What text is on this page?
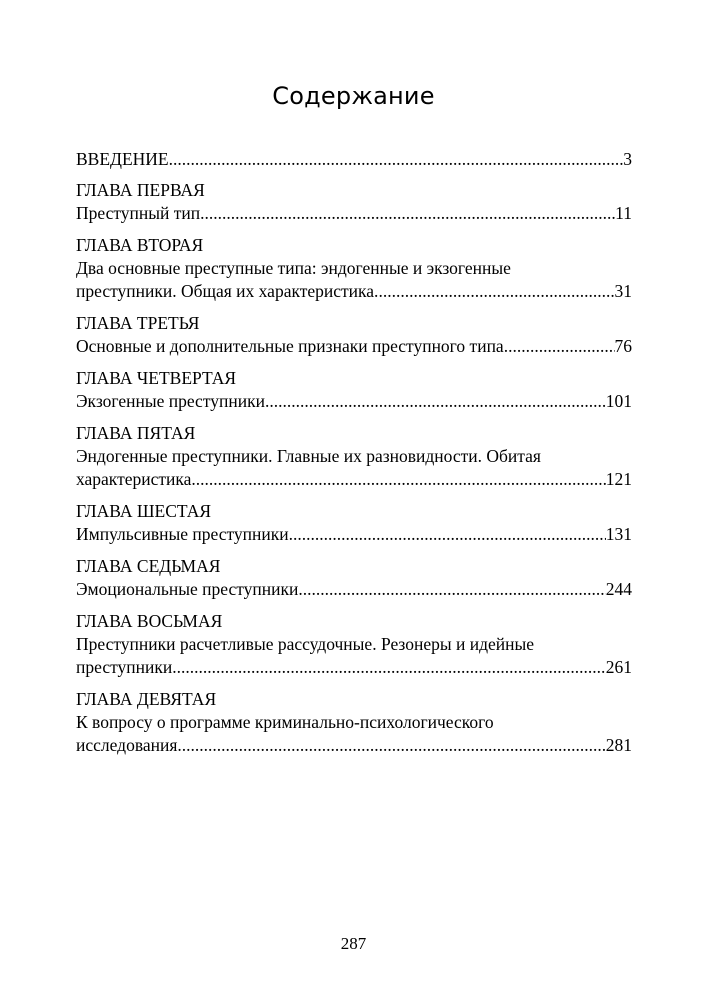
Содержание
ВВЕДЕНИЕ .....	3
ГЛАВА ПЕРВАЯ
Преступный тип .....	11
ГЛАВА ВТОРАЯ
Два основные преступные типа: эндогенные и экзогенные
преступники. Общая их характеристика. .....	31
ГЛАВА ТРЕТЬЯ
Основные и дополнительные признаки преступного типа. .....	76
ГЛАВА ЧЕТВЕРТАЯ
Экзогенные преступники. .....	101
ГЛАВА ПЯТАЯ
Эндогенные преступники. Главные их разновидности. Обитая
характеристика. .....	121
ГЛАВА ШЕСТАЯ
Импульсивные преступники .....	131
ГЛАВА СЕДЬМАЯ
Эмоциональные преступники .....	244
ГЛАВА ВОСЬМАЯ
Преступники расчетливые рассудочные. Резонеры и идейные
преступники .....	261
ГЛАВА ДЕВЯТАЯ
К вопросу о программе криминально-психологического
исследования. .....	281
287
